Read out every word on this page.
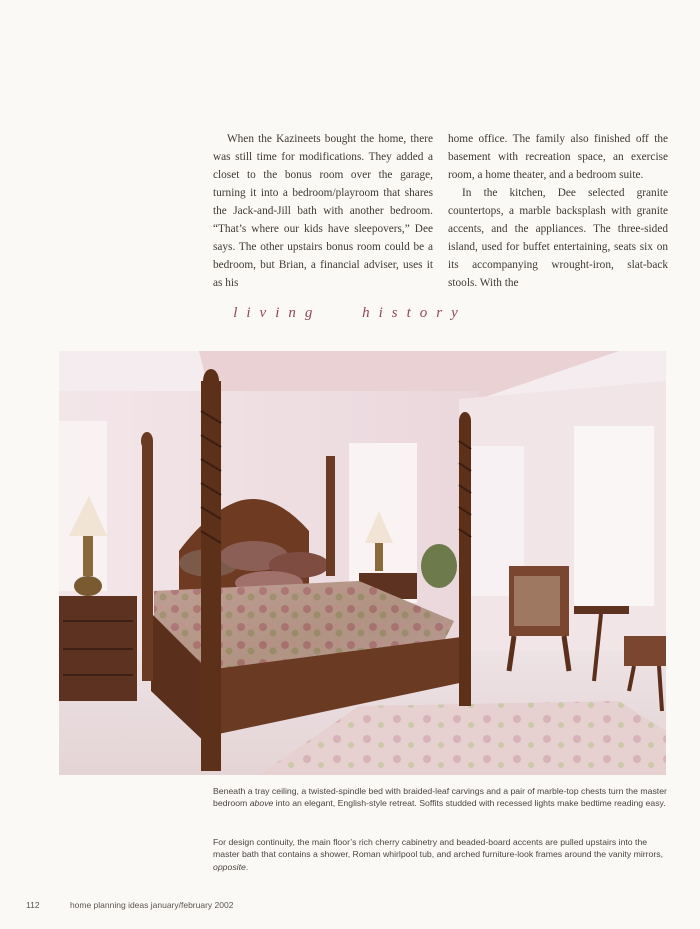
When the Kazineets bought the home, there was still time for modifications. They added a closet to the bonus room over the garage, turning it into a bedroom/playroom that shares the Jack-and-Jill bath with another bedroom. “That’s where our kids have sleepovers,” Dee says. The other upstairs bonus room could be a bedroom, but Brian, a financial adviser, uses it as his

home office. The family also finished off the basement with recreation space, an exercise room, a home theater, and a bedroom suite.

In the kitchen, Dee selected granite countertops, a marble backsplash with granite accents, and the appliances. The three-sided island, used for buffet entertaining, seats six on its accompanying wrought-iron, slat-back stools. With the

living	history
Beneath a tray ceiling, a twisted-spindle bed with braided-leaf carvings and a pair of marble-top chests turn the master bedroom above into an elegant, English-style retreat. Soffits studded with recessed lights make bedtime reading easy.
For design continuity, the main floor’s rich cherry cabinetry and beaded-board accents are pulled upstairs into the master bath that contains a shower, Roman whirlpool tub, and arched furniture-look frames around the vanity mirrors, opposite.
112	home planning ideas january/february 2002
